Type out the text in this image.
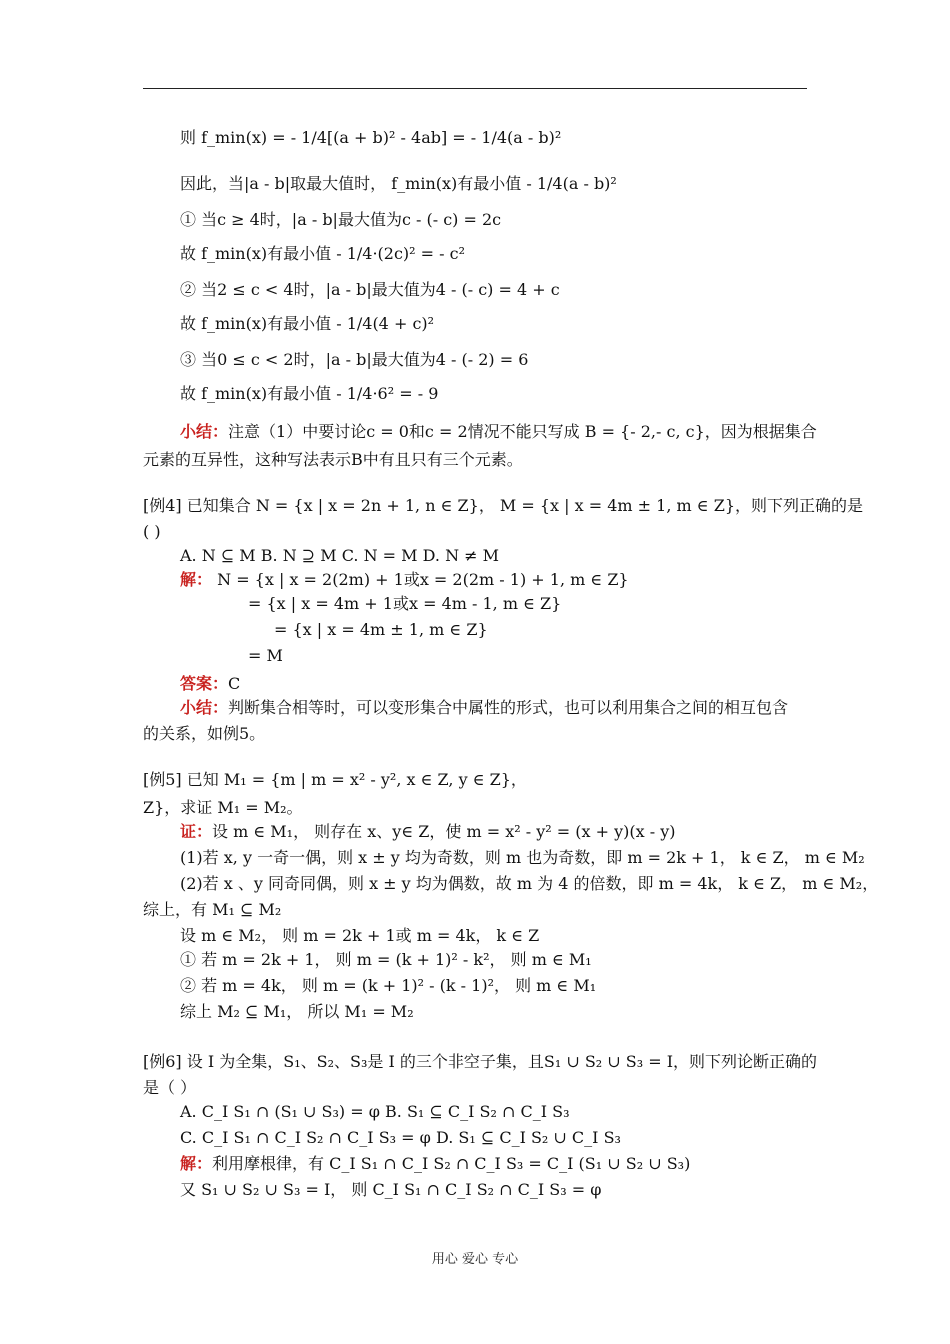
则 f_min(x) = - 1/4[(a + b)² - 4ab] = - 1/4(a - b)²
因此，当|a - b|取最大值时， f_min(x)有最小值 - 1/4(a - b)²
① 当c ≥ 4时，|a - b|最大值为c - (- c) = 2c
故 f_min(x)有最小值 - 1/4·(2c)² = - c²
② 当2 ≤ c < 4时，|a - b|最大值为4 - (- c) = 4 + c
故 f_min(x)有最小值 - 1/4(4 + c)²
③ 当0 ≤ c < 2时，|a - b|最大值为4 - (- 2) = 6
故 f_min(x)有最小值 - 1/4·6² = - 9
小结：注意（1）中要讨论c = 0和c = 2情况不能只写成 B = {- 2,- c, c}，因为根据集合
元素的互异性，这种写法表示B中有且只有三个元素。
[例4] 已知集合 N = {x | x = 2n + 1, n ∈ Z}， M = {x | x = 4m ± 1, m ∈ Z}，则下列正确的是
( )
A. N ⊆ M B. N ⊇ M C. N = M D. N ≠ M
解： N = {x | x = 2(2m) + 1或x = 2(2m - 1) + 1, m ∈ Z}
= {x | x = 4m + 1或x = 4m - 1, m ∈ Z}
= {x | x = 4m ± 1, m ∈ Z}
= M
答案：C
小结：判断集合相等时，可以变形集合中属性的形式，也可以利用集合之间的相互包含
的关系，如例5。
[例5] 已知 M₁ = {m | m = x² - y², x ∈ Z, y ∈ Z}，
Z}，求证 M₁ = M₂。
证：设 m ∈ M₁， 则存在 x、y∈ Z，使 m = x² - y² = (x + y)(x - y)
(1)若 x, y 一奇一偶，则 x ± y 均为奇数，则 m 也为奇数，即 m = 2k + 1， k ∈ Z， m ∈ M₂
(2)若 x 、y 同奇同偶，则 x ± y 均为偶数，故 m 为 4 的倍数，即 m = 4k， k ∈ Z， m ∈ M₂，
综上，有 M₁ ⊆ M₂
设 m ∈ M₂， 则 m = 2k + 1或 m = 4k， k ∈ Z
① 若 m = 2k + 1， 则 m = (k + 1)² - k²， 则 m ∈ M₁
② 若 m = 4k， 则 m = (k + 1)² - (k - 1)²， 则 m ∈ M₁
综上 M₂ ⊆ M₁， 所以 M₁ = M₂
[例6] 设 I 为全集，S₁、S₂、S₃是 I 的三个非空子集，且S₁ ∪ S₂ ∪ S₃ = I，则下列论断正确的
是（ ）
A. C_I S₁ ∩ (S₁ ∪ S₃) = φ B. S₁ ⊆ C_I S₂ ∩ C_I S₃
C. C_I S₁ ∩ C_I S₂ ∩ C_I S₃ = φ D. S₁ ⊆ C_I S₂ ∪ C_I S₃
解：利用摩根律，有 C_I S₁ ∩ C_I S₂ ∩ C_I S₃ = C_I (S₁ ∪ S₂ ∪ S₃)
又 S₁ ∪ S₂ ∪ S₃ = I， 则 C_I S₁ ∩ C_I S₂ ∩ C_I S₃ = φ
用心 爱心 专心
